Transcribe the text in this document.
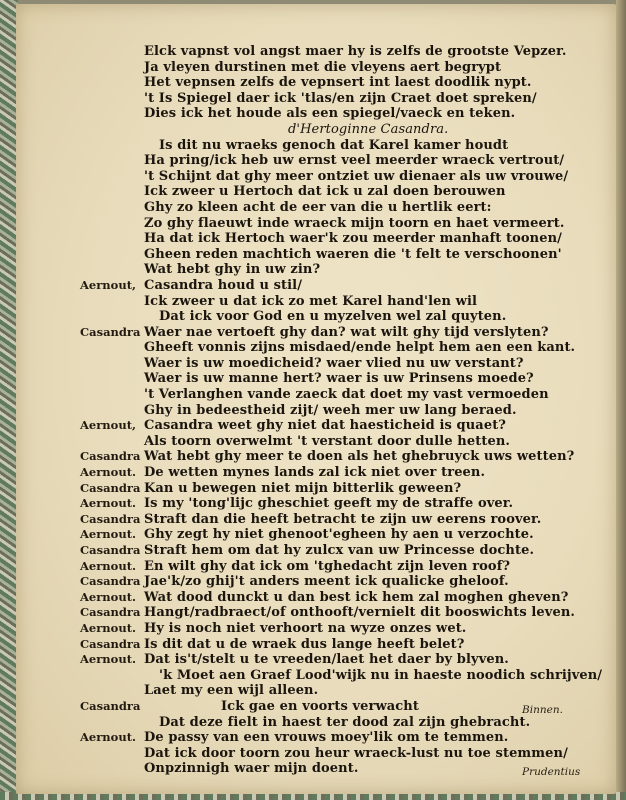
Elck vapnst vol angst maer hy is zelfs de grootste Vepzer.
Ja vleyen durstinen met die vleyens aert begrypt
Het vepnsen zelfs de vepnsert int laest doodlik nypt.
't Is Spiegel daer ick 'tlas/en zijn Craet doet spreken/
Dies ick het houde als een spiegel/vaeck en teken.
d'Hertoginne Casandra.
Is dit nu wraeks genoch dat Karel kamer houdt
Ha pring/ick heb uw ernst veel meerder wraeck vertrout/
't Schijnt dat ghy meer ontziet uw dienaer als uw vrouwe/
Ick zweer u Hertoch dat ick u zal doen berouwen
Ghy zo kleen acht de eer van die u hertlik eert:
Zo ghy flaeuwt inde wraeck mijn toorn en haet vermeert.
Ha dat ick Hertoch waer'k zou meerder manhaft toonen/
Gheen reden machtich waeren die 't felt te verschoonen'
Wat hebt ghy in uw zin?
Aernout, Casandra houd u stil/
Ick zweer u dat ick zo met Karel hand'len wil
Dat ick voor God en u myzelven wel zal quyten.
Casandra Waer nae vertoeft ghy dan? wat wilt ghy tijd verslyten?
Gheeft vonnis zijns misdaed/ende helpt hem aen een kant.
Waer is uw moedicheid? waer vlied nu uw verstant?
Waer is uw manne hert? waer is uw Prinsens moede?
't Verlanghen vande zaeck dat doet my vast vermoeden
Ghy in bedeestheid zijt/ weeh mer uw lang beraed.
Aernout, Casandra weet ghy niet dat haesticheid is quaet?
Als toorn overwelmt 't verstant door dulle hetten.
Casandra Wat hebt ghy meer te doen als het ghebruyck uws wetten?
Aernout. De wetten mynes lands zal ick niet over treen.
Casandra Kan u bewegen niet mijn bitterlik geween?
Aernout. Is my 'tong'lijc gheschiet geeft my de straffe over.
Casandra Straft dan die heeft betracht te zijn uw eerens roover.
Aernout. Ghy zegt hy niet ghenoot'egheen hy aen u verzochte.
Casandra Straft hem om dat hy zulcx van uw Princesse dochte.
Aernout. En wilt ghy dat ick om 'tghedacht zijn leven roof?
Casandra Jae'k/zo ghij't anders meent ick qualicke gheloof.
Aernout. Wat dood dunckt u dan best ick hem zal moghen gheven?
Casandra Hangt/radbraect/of onthooft/vernielt dit booswichts leven.
Aernout. Hy is noch niet verhoort na wyze onzes wet.
Casandra Is dit dat u de wraek dus lange heeft belet?
Aernout. Dat is't/stelt u te vreeden/laet het daer by blyven.
'k Moet aen Graef Lood'wijk nu in haeste noodich schrijven/
Laet my een wijl alleen.
Casandra	Ick gae en voorts verwacht
Dat deze fielt in haest ter dood zal zijn ghebracht.
Aernout. De passy van een vrouws moey'lik om te temmen.
Dat ick door toorn zou heur wraeck-lust nu toe stemmen/
Onpzinnigh waer mijn doent.
Binnen.
Prudentius
